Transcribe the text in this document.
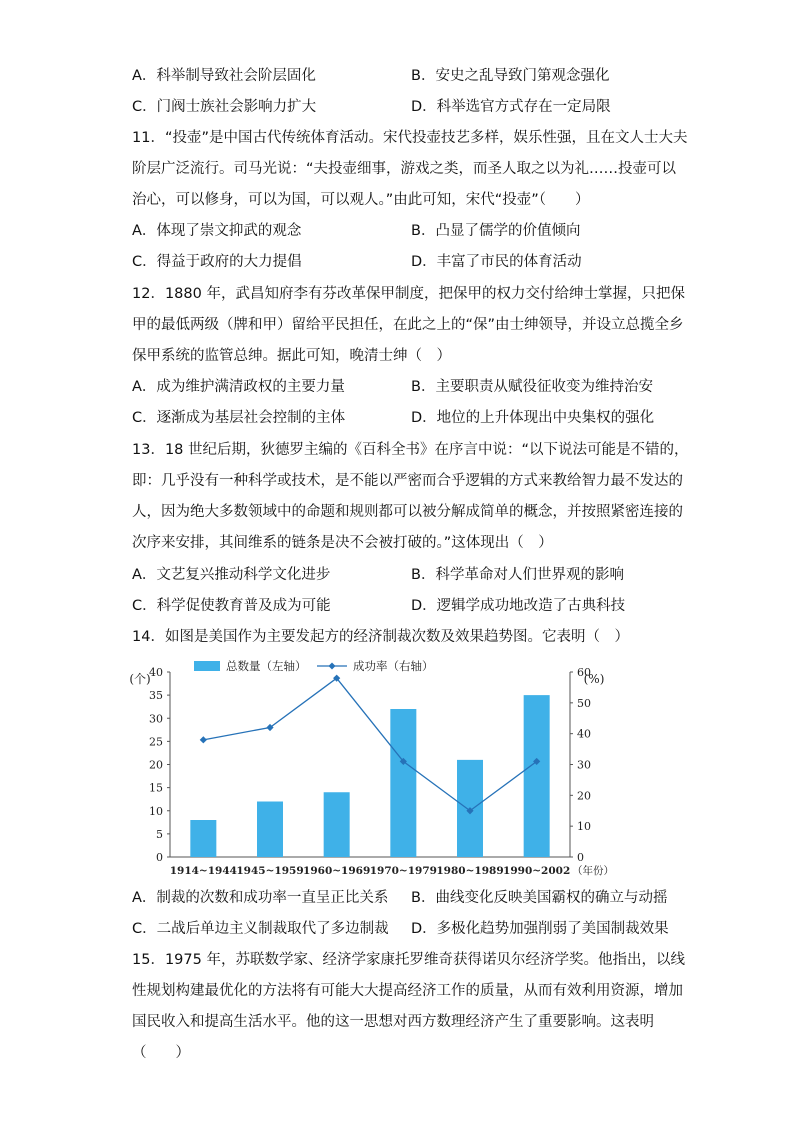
A．科举制导致社会阶层固化	B．安史之乱导致门第观念强化
C．门阀士族社会影响力扩大	D．科举选官方式存在一定局限
11．“投壶”是中国古代传统体育活动。宋代投壶技艺多样，娱乐性强，且在文人士大夫
阶层广泛流行。司马光说：“夫投壶细事，游戏之类，而圣人取之以为礼……投壶可以
治心，可以修身，可以为国，可以观人。”由此可知，宋代“投壶”（　　）
A．体现了崇文抑武的观念	B．凸显了儒学的价值倾向
C．得益于政府的大力提倡	D．丰富了市民的体育活动
12．1880 年，武昌知府李有芬改革保甲制度，把保甲的权力交付给绅士掌握，只把保
甲的最低两级（牌和甲）留给平民担任，在此之上的“保”由士绅领导，并设立总揽全乡
保甲系统的监管总绅。据此可知，晚清士绅（　）
A．成为维护满清政权的主要力量	B．主要职责从赋役征收变为维持治安
C．逐渐成为基层社会控制的主体	D．地位的上升体现出中央集权的强化
13．18 世纪后期，狄德罗主编的《百科全书》在序言中说：“以下说法可能是不错的，
即：几乎没有一种科学或技术，是不能以严密而合乎逻辑的方式来教给智力最不发达的
人，因为绝大多数领域中的命题和规则都可以被分解成简单的概念，并按照紧密连接的
次序来安排，其间维系的链条是决不会被打破的。”这体现出（　）
A．文艺复兴推动科学文化进步	B．科学革命对人们世界观的影响
C．科学促使教育普及成为可能	D．逻辑学成功地改造了古典科技
14．如图是美国作为主要发起方的经济制裁次数及效果趋势图。它表明（　）
0
5
10
15
20
25
30
35
40
0
10
20
30
40
50
60
(个)	(%)
1914~1944 1945~1959 1960~1969 1970~1979 1980~1989 1990~2002 （年份）
总数量（左轴）	成功率（右轴）
A．制裁的次数和成功率一直呈正比关系 B．曲线变化反映美国霸权的确立与动摇
C．二战后单边主义制裁取代了多边制裁 D．多极化趋势加强削弱了美国制裁效果
15．1975 年，苏联数学家、经济学家康托罗维奇获得诺贝尔经济学奖。他指出，以线
性规划构建最优化的方法将有可能大大提高经济工作的质量，从而有效利用资源，增加
国民收入和提高生活水平。他的这一思想对西方数理经济产生了重要影响。这表明
（　　）
